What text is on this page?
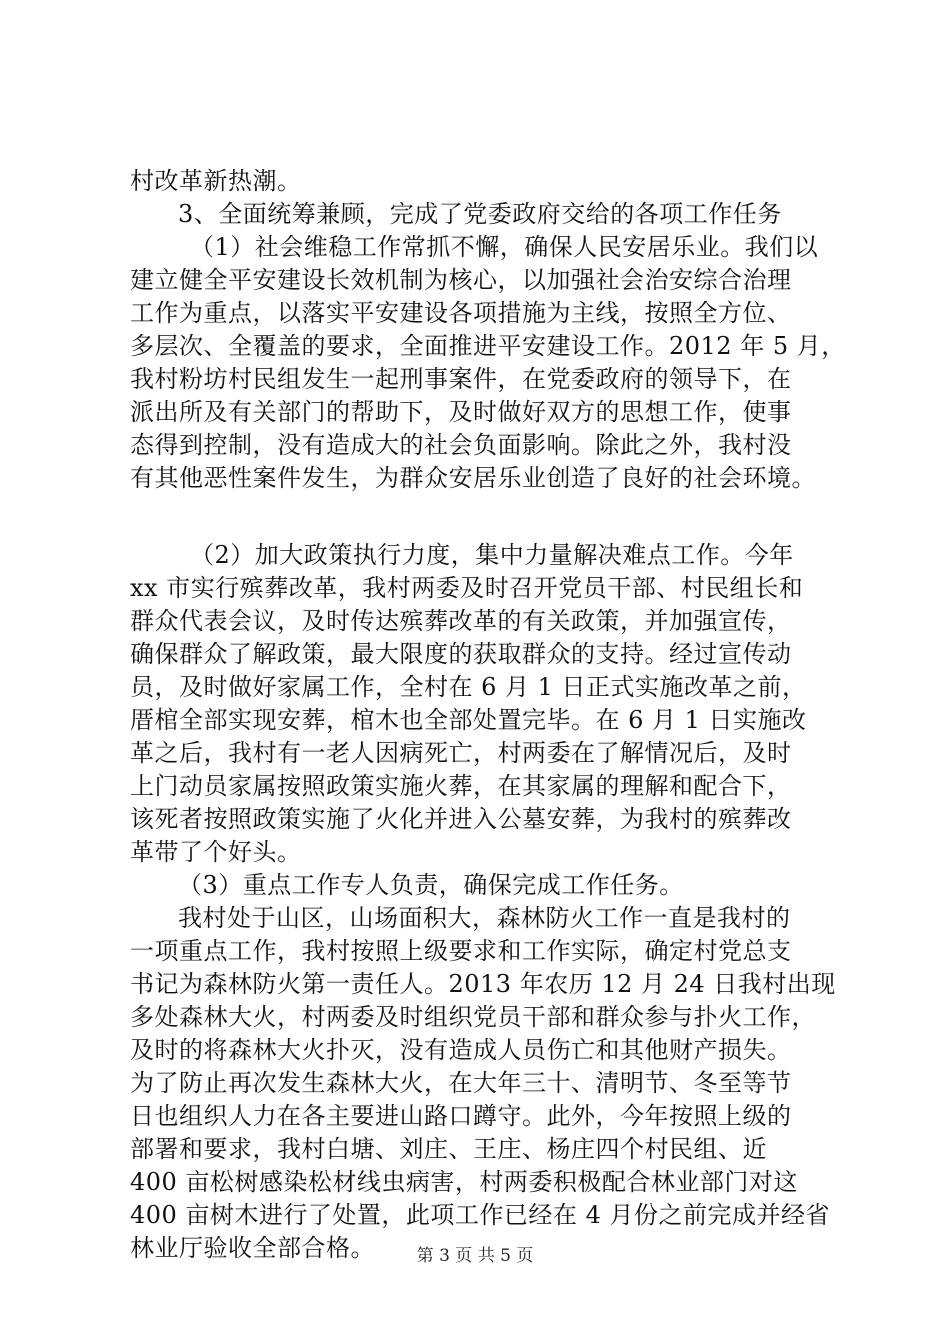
村改革新热潮。
3、全面统筹兼顾，完成了党委政府交给的各项工作任务
（1）社会维稳工作常抓不懈，确保人民安居乐业。我们以
建立健全平安建设长效机制为核心，以加强社会治安综合治理
工作为重点，以落实平安建设各项措施为主线，按照全方位、
多层次、全覆盖的要求，全面推进平安建设工作。2012 年 5 月，
我村粉坊村民组发生一起刑事案件，在党委政府的领导下，在
派出所及有关部门的帮助下，及时做好双方的思想工作，使事
态得到控制，没有造成大的社会负面影响。除此之外，我村没
有其他恶性案件发生，为群众安居乐业创造了良好的社会环境。
（2）加大政策执行力度，集中力量解决难点工作。今年
xx 市实行殡葬改革，我村两委及时召开党员干部、村民组长和
群众代表会议，及时传达殡葬改革的有关政策，并加强宣传，
确保群众了解政策，最大限度的获取群众的支持。经过宣传动
员，及时做好家属工作，全村在 6 月 1 日正式实施改革之前，
厝棺全部实现安葬，棺木也全部处置完毕。在 6 月 1 日实施改
革之后，我村有一老人因病死亡，村两委在了解情况后，及时
上门动员家属按照政策实施火葬，在其家属的理解和配合下，
该死者按照政策实施了火化并进入公墓安葬，为我村的殡葬改
革带了个好头。
（3）重点工作专人负责，确保完成工作任务。
我村处于山区，山场面积大，森林防火工作一直是我村的
一项重点工作，我村按照上级要求和工作实际，确定村党总支
书记为森林防火第一责任人。2013 年农历 12 月 24 日我村出现
多处森林大火，村两委及时组织党员干部和群众参与扑火工作，
及时的将森林大火扑灭，没有造成人员伤亡和其他财产损失。
为了防止再次发生森林大火，在大年三十、清明节、冬至等节
日也组织人力在各主要进山路口蹲守。此外，今年按照上级的
部署和要求，我村白塘、刘庄、王庄、杨庄四个村民组、近
400 亩松树感染松材线虫病害，村两委积极配合林业部门对这
400 亩树木进行了处置，此项工作已经在 4 月份之前完成并经省
林业厅验收全部合格。	第 3 页 共 5 页
